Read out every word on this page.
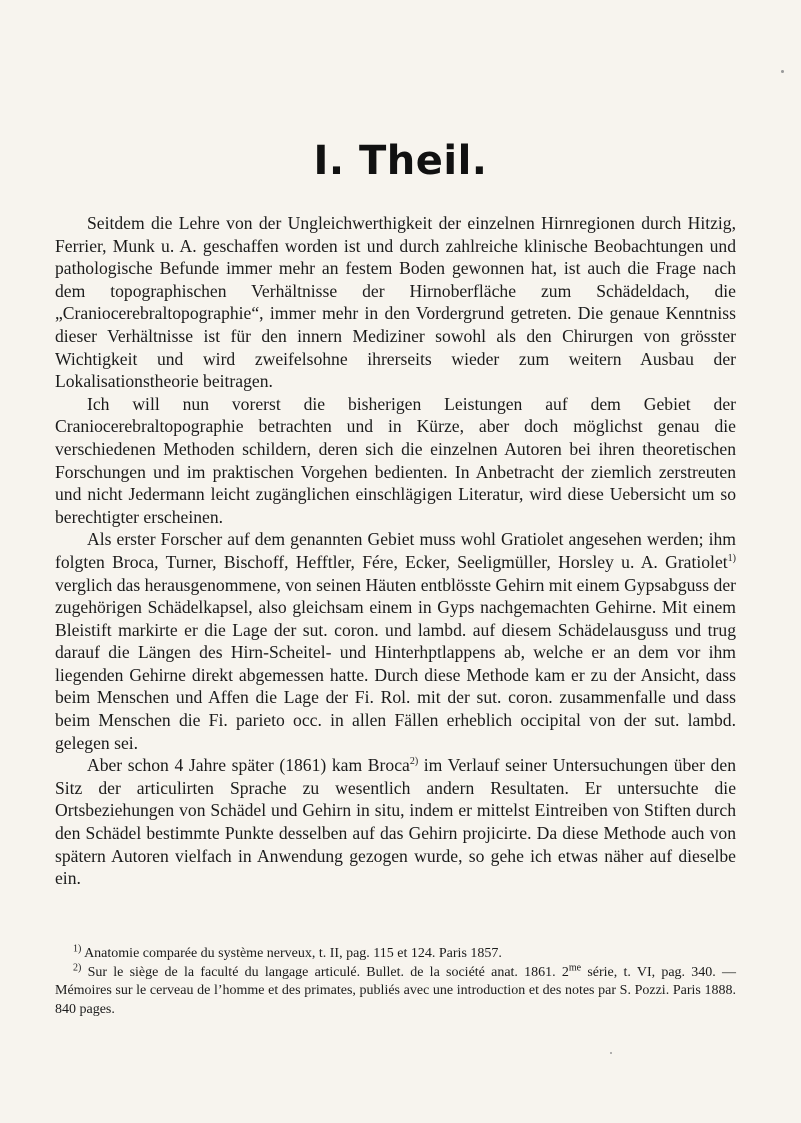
I. Theil.

Seitdem die Lehre von der Ungleichwerthigkeit der einzelnen Hirnregionen durch Hitzig, Ferrier, Munk u. A. geschaffen worden ist und durch zahlreiche klinische Beobachtungen und pathologische Befunde immer mehr an festem Boden gewonnen hat, ist auch die Frage nach dem topographischen Verhältnisse der Hirnoberfläche zum Schädeldach, die „Craniocerebraltopographie“, immer mehr in den Vordergrund getreten. Die genaue Kenntniss dieser Verhältnisse ist für den innern Mediziner sowohl als den Chirurgen von grösster Wichtigkeit und wird zweifelsohne ihrerseits wieder zum weitern Ausbau der Lokalisationstheorie beitragen.

Ich will nun vorerst die bisherigen Leistungen auf dem Gebiet der Craniocerebraltopographie betrachten und in Kürze, aber doch möglichst genau die verschiedenen Methoden schildern, deren sich die einzelnen Autoren bei ihren theoretischen Forschungen und im praktischen Vorgehen bedienten. In Anbetracht der ziemlich zerstreuten und nicht Jedermann leicht zugänglichen einschlägigen Literatur, wird diese Uebersicht um so berechtigter erscheinen.

Als erster Forscher auf dem genannten Gebiet muss wohl Gratiolet angesehen werden; ihm folgten Broca, Turner, Bischoff, Hefftler, Fére, Ecker, Seeligmüller, Horsley u. A. Gratiolet$^{1)}$ verglich das herausgenommene, von seinen Häuten entblösste Gehirn mit einem Gypsabguss der zugehörigen Schädelkapsel, also gleichsam einem in Gyps nachgemachten Gehirne. Mit einem Bleistift markirte er die Lage der sut. coron. und lambd. auf diesem Schädelausguss und trug darauf die Längen des Hirn-Scheitel- und Hinterhptlappens ab, welche er an dem vor ihm liegenden Gehirne direkt abgemessen hatte. Durch diese Methode kam er zu der Ansicht, dass beim Menschen und Affen die Lage der Fi. Rol. mit der sut. coron. zusammenfalle und dass beim Menschen die Fi. parieto occ. in allen Fällen erheblich occipital von der sut. lambd. gelegen sei.

Aber schon 4 Jahre später (1861) kam Broca$^{2)}$ im Verlauf seiner Untersuchungen über den Sitz der articulirten Sprache zu wesentlich andern Resultaten. Er untersuchte die Ortsbeziehungen von Schädel und Gehirn in situ, indem er mittelst Eintreiben von Stiften durch den Schädel bestimmte Punkte desselben auf das Gehirn projicirte. Da diese Methode auch von spätern Autoren vielfach in Anwendung gezogen wurde, so gehe ich etwas näher auf dieselbe ein.

$^{1)}$ Anatomie comparée du système nerveux, t. II, pag. 115 et 124. Paris 1857.

$^{2)}$ Sur le siège de la faculté du langage articulé. Bullet. de la société anat. 1861. $2^{me}$ série, t. VI, pag. 340. — Mémoires sur le cerveau de l’homme et des primates, publiés avec une introduction et des notes par S. Pozzi. Paris 1888. 840 pages.
